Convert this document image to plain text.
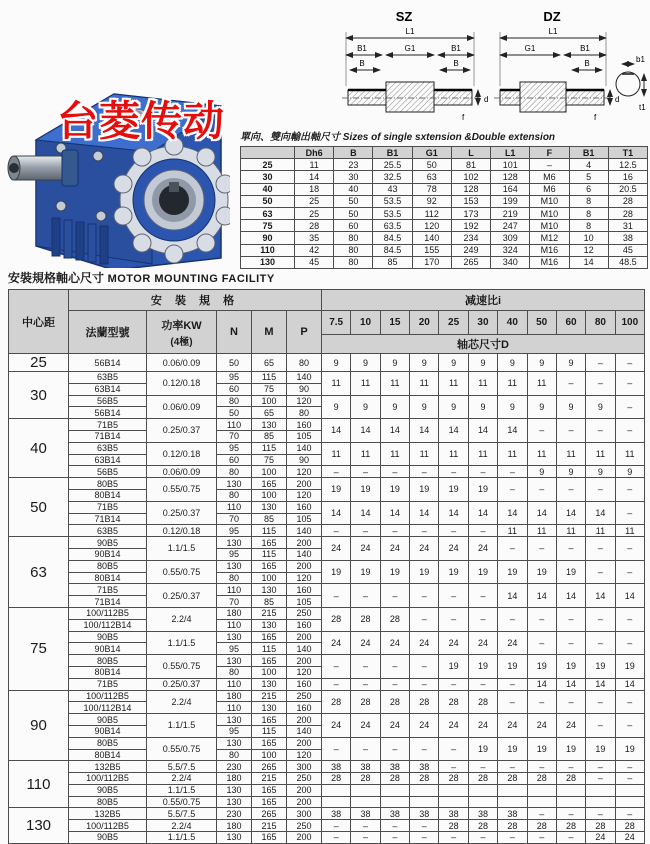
台菱传动
SZ
L1
B1	G1	B1
B	B
d
f
DZ
L1
G1	B1
B
d
f
b1
t1
單向、雙向輸出軸尺寸 Sizes of single sxtension &Double extension
	Dh6	B	B1	G1	L	L1	F	B1	T1
25	11	23	25.5	50	81	101	–	4	12.5
30	14	30	32.5	63	102	128	M6	5	16
40	18	40	43	78	128	164	M6	6	20.5
50	25	50	53.5	92	153	199	M10	8	28
63	25	50	53.5	112	173	219	M10	8	28
75	28	60	63.5	120	192	247	M10	8	31
90	35	80	84.5	140	234	309	M12	10	38
110	42	80	84.5	155	249	324	M16	12	45
130	45	80	85	170	265	340	M16	14	48.5
安裝規格軸心尺寸 MOTOR MOUNTING FACILITY
中心距	安 裝 規 格					减速比i										
	法蘭型號	功率KW
(4極)	N	M	P	7.5	10	15	20	25	30	40	50	60	80	100
						轴芯尺寸D										
25	56B14	0.06/0.09	50	65	80	9	9	9	9	9	9	9	9	9	–	–
30	63B5	0.12/0.18	95	115	140	11	11	11	11	11	11	11	11	–	–	–
	63B14		60	75	90											
	56B5	0.06/0.09	80	100	120	9	9	9	9	9	9	9	9	9	9	–
	56B14		50	65	80											
40	71B5	0.25/0.37	110	130	160	14	14	14	14	14	14	14	–	–	–	–
	71B14		70	85	105											
	63B5	0.12/0.18	95	115	140	11	11	11	11	11	11	11	11	11	11	11
	63B14		60	75	90											
	56B5	0.06/0.09	80	100	120	–	–	–	–	–	–	–	9	9	9	9
50	80B5	0.55/0.75	130	165	200	19	19	19	19	19	19	–	–	–	–	–
	80B14		80	100	120											
	71B5	0.25/0.37	110	130	160	14	14	14	14	14	14	14	14	14	14	–
	71B14		70	85	105											
	63B5	0.12/0.18	95	115	140	–	–	–	–	–	–	11	11	11	11	11
63	90B5	1.1/1.5	130	165	200	24	24	24	24	24	24	–	–	–	–	–
	90B14		95	115	140											
	80B5	0.55/0.75	130	165	200	19	19	19	19	19	19	19	19	19	–	–
	80B14		80	100	120											
	71B5	0.25/0.37	110	130	160	–	–	–	–	–	–	14	14	14	14	14
	71B14		70	85	105											
75	100/112B5	2.2/4	180	215	250	28	28	28	–	–	–	–	–	–	–	–
	100/112B14		110	130	160											
	90B5	1.1/1.5	130	165	200	24	24	24	24	24	24	24	–	–	–	–
	90B14		95	115	140											
	80B5	0.55/0.75	130	165	200	–	–	–	–	19	19	19	19	19	19	19
	80B14		80	100	120											
	71B5	0.25/0.37	110	130	160	–	–	–	–	–	–	–	14	14	14	14
90	100/112B5	2.2/4	180	215	250	28	28	28	28	28	28	–	–	–	–	–
	100/112B14		110	130	160											
	90B5	1.1/1.5	130	165	200	24	24	24	24	24	24	24	24	24	–	–
	90B14		95	115	140											
	80B5	0.55/0.75	130	165	200	–	–	–	–	–	19	19	19	19	19	19
	80B14		80	100	120											
110	132B5	5.5/7.5	230	265	300	38	38	38	38	–	–	–	–	–	–	–
	100/112B5	2.2/4	180	215	250	28	28	28	28	28	28	28	28	28	–	–
	90B5	1.1/1.5	130	165	200											
	80B5	0.55/0.75	130	165	200											
130	132B5	5.5/7.5	230	265	300	38	38	38	38	38	38	38	–	–	–	–
	100/112B5	2.2/4	180	215	250	–	–	–	–	28	28	28	28	28	28	28
	90B5	1.1/1.5	130	165	200	–	–	–	–	–	–	–	–	–	24	24
